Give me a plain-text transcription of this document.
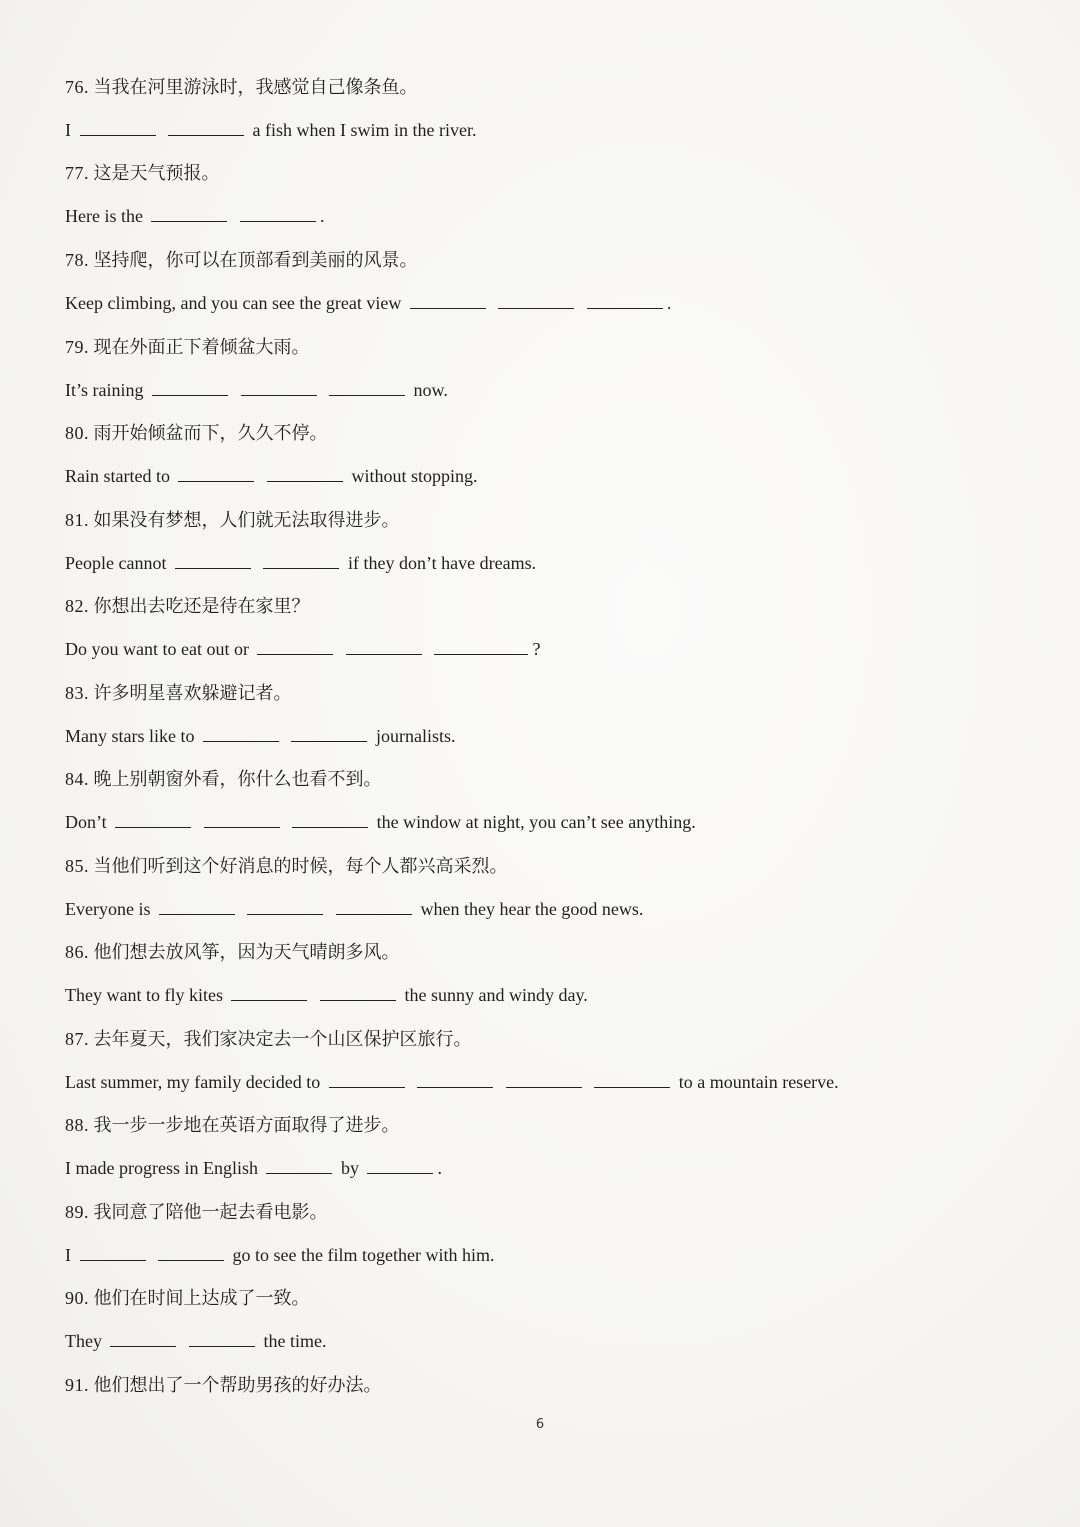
76. 当我在河里游泳时，我感觉自己像条鱼。
I	a fish when I swim in the river.
77. 这是天气预报。
Here is the	.
78. 坚持爬，你可以在顶部看到美丽的风景。
Keep climbing, and you can see the great view	.
79. 现在外面正下着倾盆大雨。
It’s raining	now.
80. 雨开始倾盆而下，久久不停。
Rain started to	without stopping.
81. 如果没有梦想，人们就无法取得进步。
People cannot	if they don’t have dreams.
82. 你想出去吃还是待在家里？
Do you want to eat out or	?
83. 许多明星喜欢躲避记者。
Many stars like to	journalists.
84. 晚上别朝窗外看，你什么也看不到。
Don’t	the window at night, you can’t see anything.
85. 当他们听到这个好消息的时候，每个人都兴高采烈。
Everyone is	when they hear the good news.
86. 他们想去放风筝，因为天气晴朗多风。
They want to fly kites	the sunny and windy day.
87. 去年夏天，我们家决定去一个山区保护区旅行。
Last summer, my family decided to	to a mountain reserve.
88. 我一步一步地在英语方面取得了进步。
I made progress in English	by	.
89. 我同意了陪他一起去看电影。
I	go to see the film together with him.
90. 他们在时间上达成了一致。
They	the time.
91. 他们想出了一个帮助男孩的好办法。
6
